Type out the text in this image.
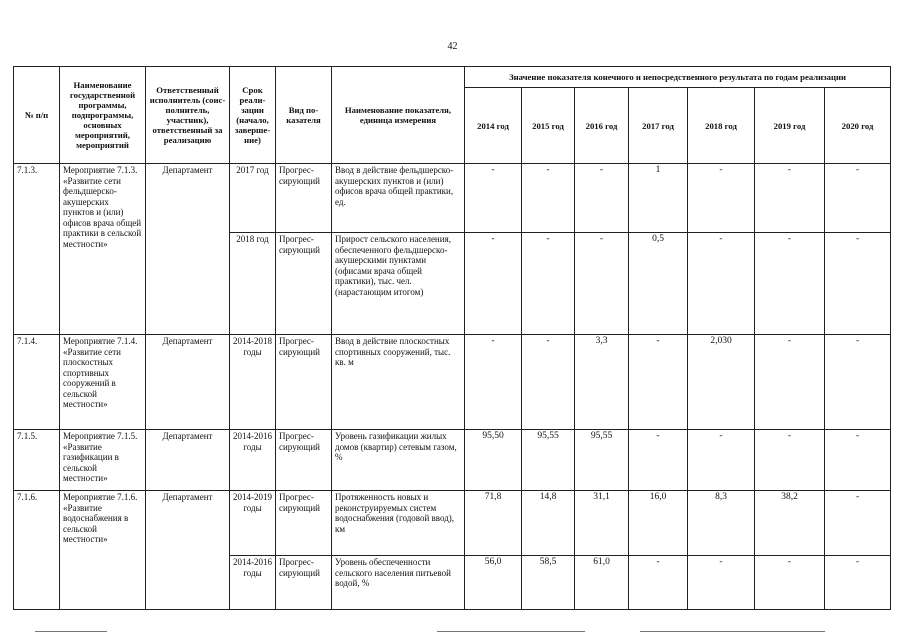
42
№ п/п	Наименование государственной программы, подпрограммы, основных мероприятий, мероприятий	Ответственный исполнитель (соисполнитель, участник), ответственный за реализацию	Срок реализации (начало, завершение)	Вид показателя	Наименование показателя, единица измерения	Значение показателя конечного и непосредственного результата по годам реализации						
						2014 год	2015 год	2016 год	2017 год	2018 год	2019 год	2020 год
7.1.3.	Мероприятие 7.1.3. «Развитие сети фельдшерско-акушерских пунктов и (или) офисов врача общей практики в сельской местности»	Департамент	2017 год	Прогрессирующий	Ввод в действие фельдшерско-акушерских пунктов и (или) офисов врача общей практики, ед.	-	-	-	1	-	-	-
			2018 год	Прогрессирующий	Прирост сельского населения, обеспеченного фельдшерско-акушерскими пунктами (офисами врача общей практики), тыс. чел. (нарастающим итогом)	-	-	-	0,5	-	-	-
7.1.4.	Мероприятие 7.1.4. «Развитие сети плоскостных спортивных сооружений в сельской местности»	Департамент	2014-2018 годы	Прогрессирующий	Ввод в действие плоскостных спортивных сооружений, тыс. кв. м	-	-	3,3	-	2,030	-	-
7.1.5.	Мероприятие 7.1.5. «Развитие газификации в сельской местности»	Департамент	2014-2016 годы	Прогрессирующий	Уровень газификации жилых домов (квартир) сетевым газом, %	95,50	95,55	95,55	-	-	-	-
7.1.6.	Мероприятие 7.1.6. «Развитие водоснабжения в сельской местности»	Департамент	2014-2019 годы	Прогрессирующий	Протяженность новых и реконструируемых систем водоснабжения (годовой ввод), км	71,8	14,8	31,1	16,0	8,3	38,2	-
			2014-2016 годы	Прогрессирующий	Уровень обеспеченности сельского населения питьевой водой, %	56,0	58,5	61,0	-	-	-	-
